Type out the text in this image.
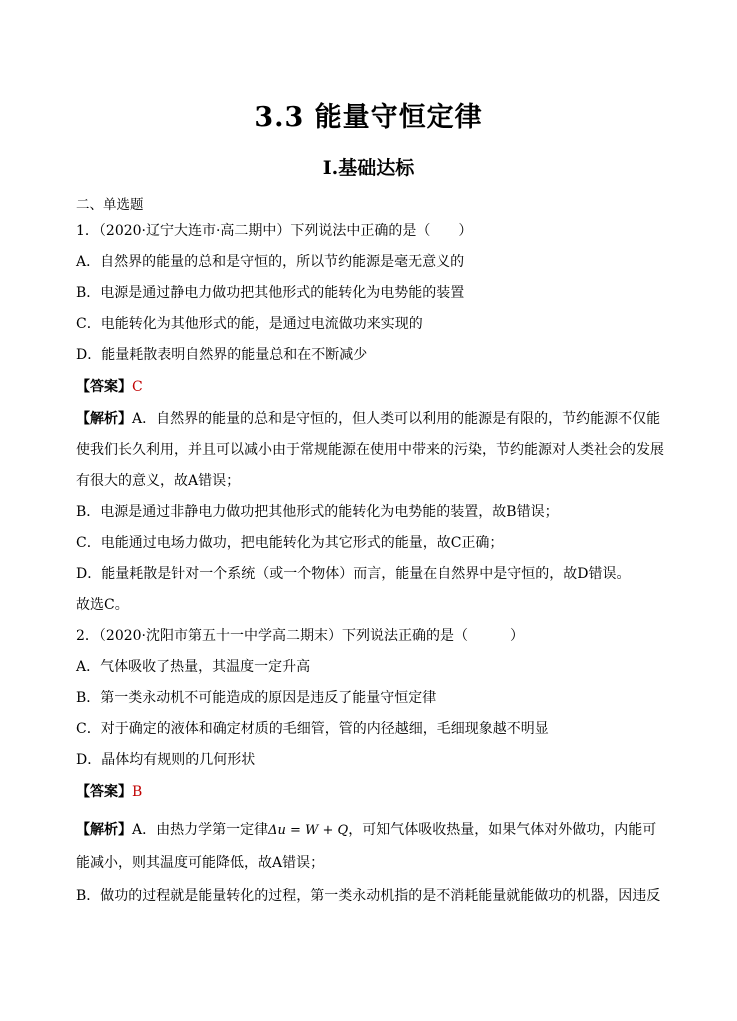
3.3 能量守恒定律
Ⅰ.基础达标
二、单选题
1．（2020·辽宁大连市·高二期中）下列说法中正确的是（　　）
A．自然界的能量的总和是守恒的，所以节约能源是毫无意义的
B．电源是通过静电力做功把其他形式的能转化为电势能的装置
C．电能转化为其他形式的能，是通过电流做功来实现的
D．能量耗散表明自然界的能量总和在不断减少
【答案】C
【解析】A．自然界的能量的总和是守恒的，但人类可以利用的能源是有限的，节约能源不仅能
使我们长久利用，并且可以减小由于常规能源在使用中带来的污染，节约能源对人类社会的发展
有很大的意义，故A错误；
B．电源是通过非静电力做功把其他形式的能转化为电势能的装置，故B错误；
C．电能通过电场力做功，把电能转化为其它形式的能量，故C正确；
D．能量耗散是针对一个系统（或一个物体）而言，能量在自然界中是守恒的，故D错误。
故选C。
2．（2020·沈阳市第五十一中学高二期末）下列说法正确的是（　　　）
A．气体吸收了热量，其温度一定升高
B．第一类永动机不可能造成的原因是违反了能量守恒定律
C．对于确定的液体和确定材质的毛细管，管的内径越细，毛细现象越不明显
D．晶体均有规则的几何形状
【答案】B
【解析】A．由热力学第一定律Δu = W + Q，可知气体吸收热量，如果气体对外做功，内能可
能减小，则其温度可能降低，故A错误；
B．做功的过程就是能量转化的过程，第一类永动机指的是不消耗能量就能做功的机器，因违反
